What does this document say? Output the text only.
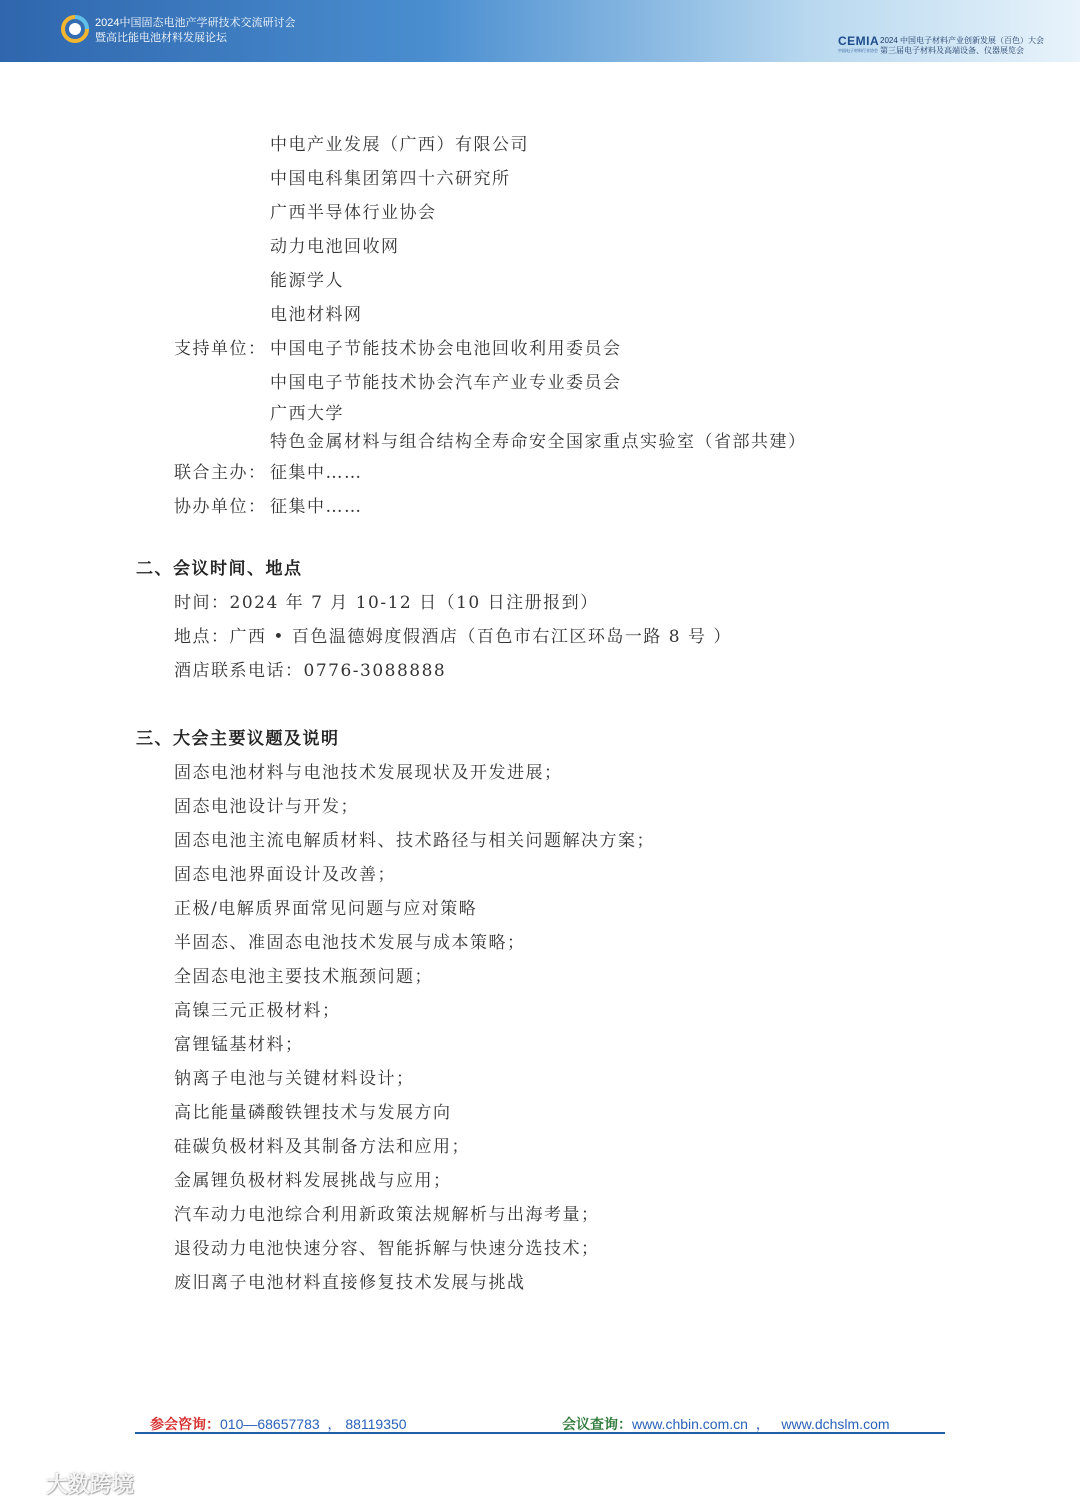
2024中国固态电池产学研技术交流研讨会
暨高比能电池材料发展论坛	CEMIA
中国电子材料行业协会
2024 中国电子材料产业创新发展（百色）大会
第三届电子材料及高端设备、仪器展览会
中电产业发展（广西）有限公司
中国电科集团第四十六研究所
广西半导体行业协会
动力电池回收网
能源学人
电池材料网
支持单位： 中国电子节能技术协会电池回收利用委员会
中国电子节能技术协会汽车产业专业委员会
广西大学
特色金属材料与组合结构全寿命安全国家重点实验室（省部共建）
联合主办： 征集中……
协办单位： 征集中……
二、会议时间、地点
时间：2024 年 7 月 10-12 日（10 日注册报到）
地点：广西 • 百色温德姆度假酒店（百色市右江区环岛一路 8 号 ）
酒店联系电话：0776-3088888
三、大会主要议题及说明
固态电池材料与电池技术发展现状及开发进展；
固态电池设计与开发；
固态电池主流电解质材料、技术路径与相关问题解决方案；
固态电池界面设计及改善；
正极/电解质界面常见问题与应对策略
半固态、准固态电池技术发展与成本策略；
全固态电池主要技术瓶颈问题；
高镍三元正极材料；
富锂锰基材料；
钠离子电池与关键材料设计；
高比能量磷酸铁锂技术与发展方向
硅碳负极材料及其制备方法和应用；
金属锂负极材料发展挑战与应用；
汽车动力电池综合利用新政策法规解析与出海考量；
退役动力电池快速分容、智能拆解与快速分选技术；
废旧离子电池材料直接修复技术发展与挑战
参会咨询：010—68657783  ， 88119350	会议查询：www.chbin.com.cn  ，   www.dchslm.com
大数跨境
